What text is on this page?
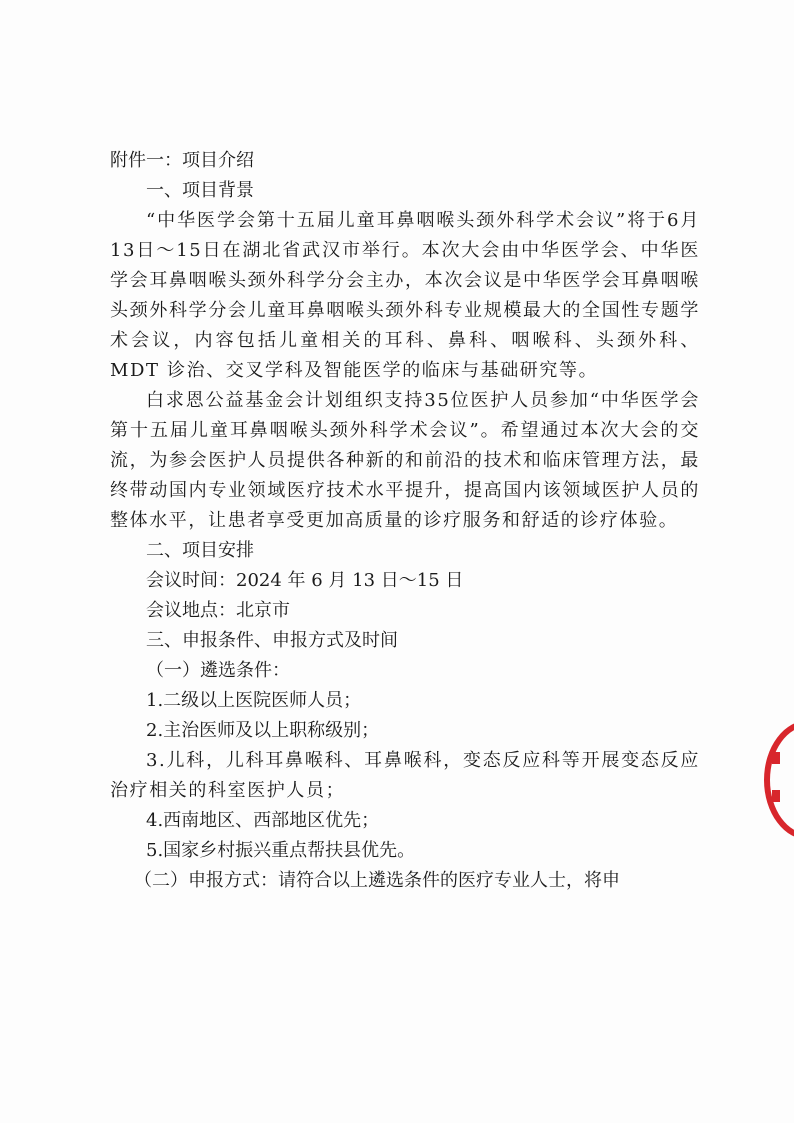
附件一：项目介绍

一、项目背景

“中华医学会第十五届儿童耳鼻咽喉头颈外科学术会议”将于6月13日～15日在湖北省武汉市举行。本次大会由中华医学会、中华医学会耳鼻咽喉头颈外科学分会主办，本次会议是中华医学会耳鼻咽喉头颈外科学分会儿童耳鼻咽喉头颈外科专业规模最大的全国性专题学术会议，内容包括儿童相关的耳科、鼻科、咽喉科、头颈外科、MDT 诊治、交叉学科及智能医学的临床与基础研究等。

白求恩公益基金会计划组织支持35位医护人员参加“中华医学会第十五届儿童耳鼻咽喉头颈外科学术会议”。希望通过本次大会的交流，为参会医护人员提供各种新的和前沿的技术和临床管理方法，最终带动国内专业领域医疗技术水平提升，提高国内该领域医护人员的整体水平，让患者享受更加高质量的诊疗服务和舒适的诊疗体验。

二、项目安排

会议时间：2024 年 6 月 13 日～15 日

会议地点：北京市

三、申报条件、申报方式及时间

（一）遴选条件：

1.二级以上医院医师人员；

2.主治医师及以上职称级别；

3.儿科，儿科耳鼻喉科、耳鼻喉科，变态反应科等开展变态反应治疗相关的科室医护人员；

4.西南地区、西部地区优先；

5.国家乡村振兴重点帮扶县优先。

（二）申报方式：请符合以上遴选条件的医疗专业人士，将申
